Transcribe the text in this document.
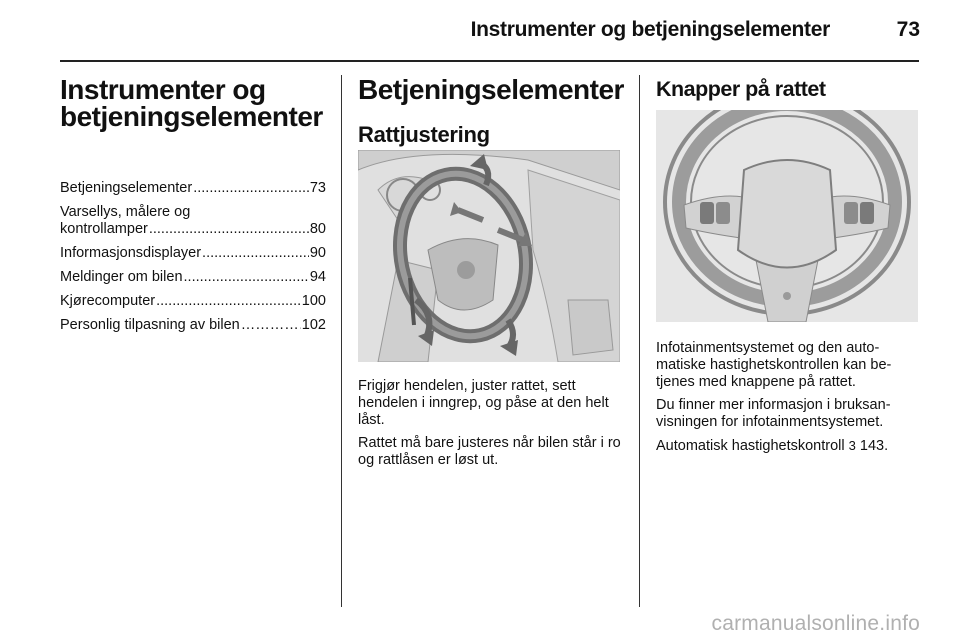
Instrumenter og betjeningselementer	73
Instrumenter og
betjeningselementer
Betjeningselementer .....	73
Varsellys, målere og
kontrollamper .....	80
Informasjonsdisplayer .....	90
Meldinger om bilen .....	94
Kjørecomputer .....	100
Personlig tilpasning av bilen …………………………………………………	102
Betjeningselementer
Rattjustering

Frigjør hendelen, juster rattet, sett hendelen i inngrep, og påse at den helt låst.

Rattet må bare justeres når bilen står i ro og rattlåsen er løst ut.

Knapper på rattet

Infotainmentsystemet og den automatiske hastighetskontrollen kan betjenes med knappene på rattet.

Du finner mer informasjon i bruksanvisningen for infotainmentsystemet.

Automatisk hastighetskontroll 3 143.

carmanualsonline.info
